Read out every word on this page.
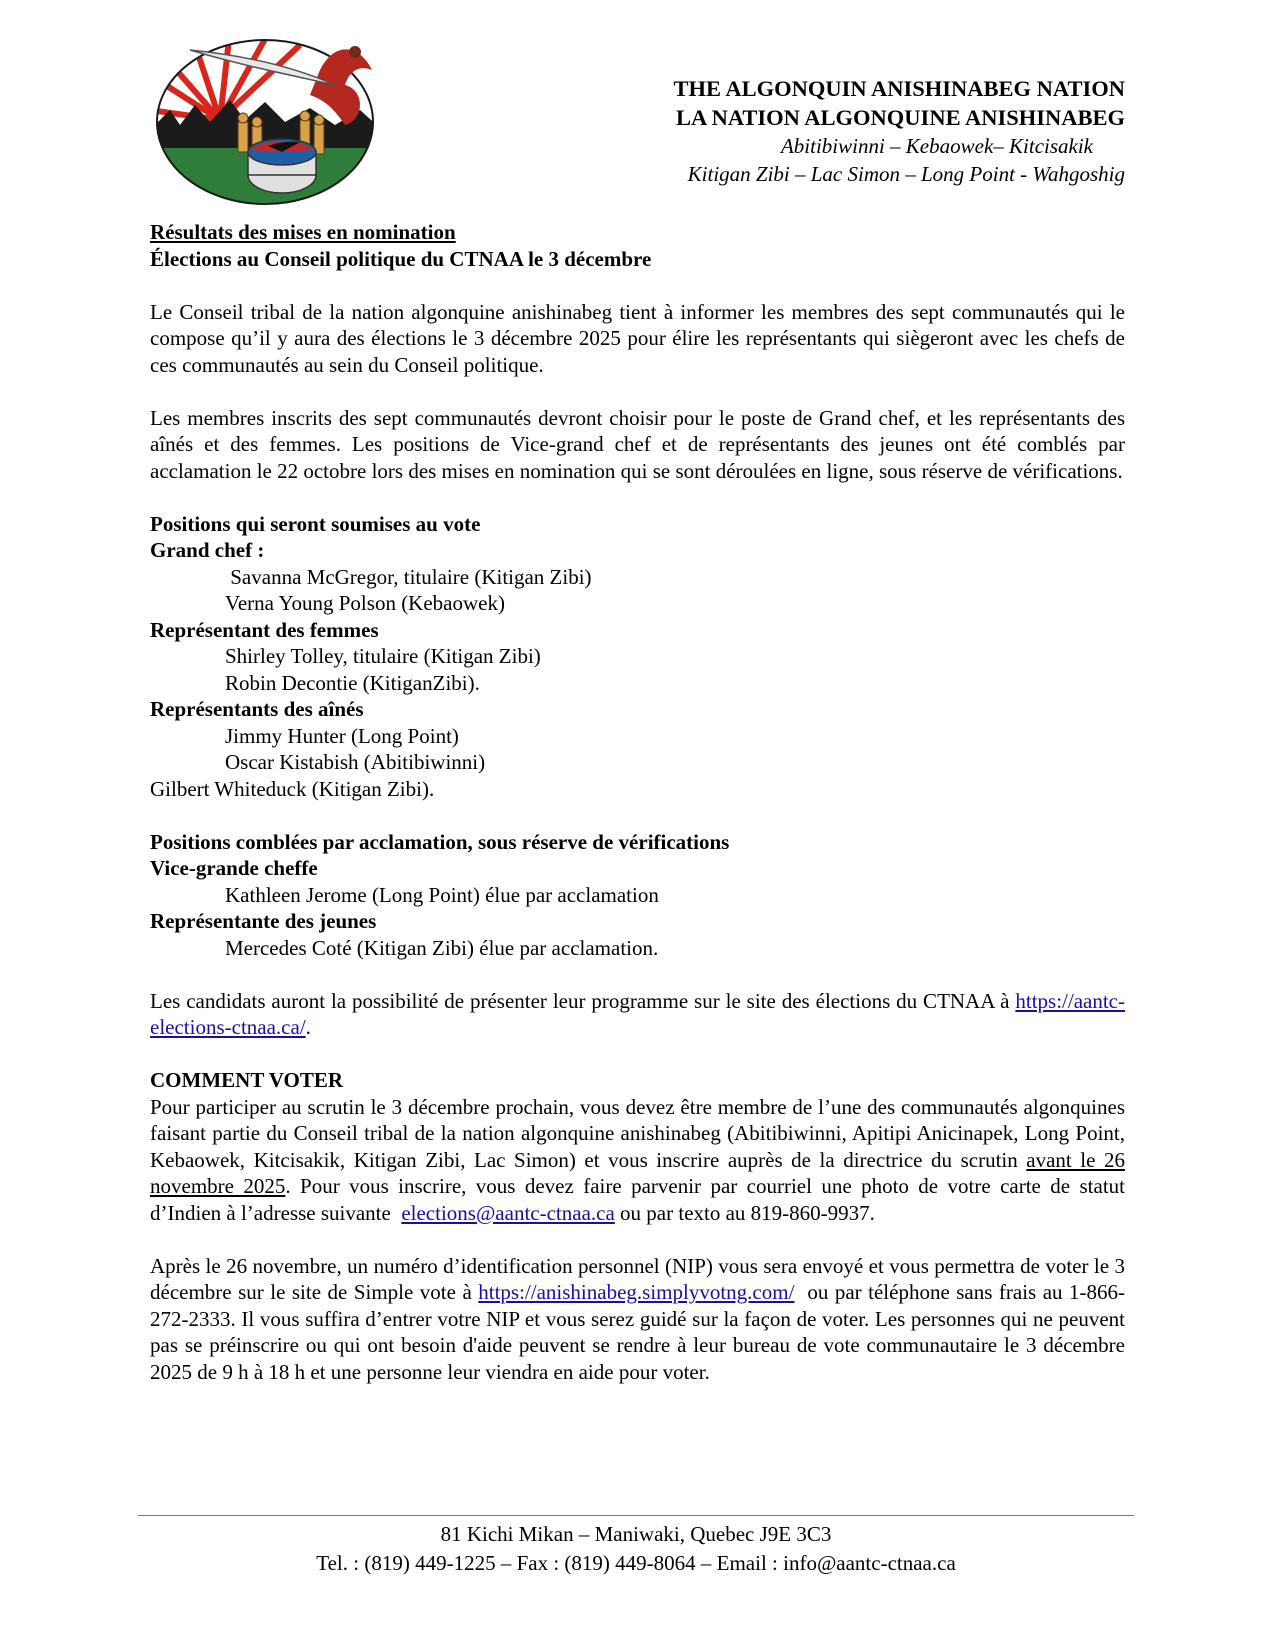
THE ALGONQUIN ANISHINABEG NATION
LA NATION ALGONQUINE ANISHINABEG
Abitibiwinni – Kebaowek– Kitcisakik
Kitigan Zibi – Lac Simon – Long Point - Wahgoshig

Résultats des mises en nomination

Élections au Conseil politique du CTNAA le 3 décembre

Le Conseil tribal de la nation algonquine anishinabeg tient à informer les membres des sept communautés qui le compose qu’il y aura des élections le 3 décembre 2025 pour élire les représentants qui siègeront avec les chefs de ces communautés au sein du Conseil politique.

Les membres inscrits des sept communautés devront choisir pour le poste de Grand chef, et les représentants des aînés et des femmes. Les positions de Vice-grand chef et de représentants des jeunes ont été comblés par acclamation le 22 octobre lors des mises en nomination qui se sont déroulées en ligne, sous réserve de vérifications.

Positions qui seront soumises au vote

Grand chef :

Savanna McGregor, titulaire (Kitigan Zibi)

Verna Young Polson (Kebaowek)

Représentant des femmes

Shirley Tolley, titulaire (Kitigan Zibi)

Robin Decontie (KitiganZibi).

Représentants des aînés

Jimmy Hunter (Long Point)

Oscar Kistabish (Abitibiwinni)

Gilbert Whiteduck (Kitigan Zibi).

Positions comblées par acclamation, sous réserve de vérifications

Vice-grande cheffe

Kathleen Jerome (Long Point) élue par acclamation

Représentante des jeunes

Mercedes Coté (Kitigan Zibi) élue par acclamation.

Les candidats auront la possibilité de présenter leur programme sur le site des élections du CTNAA à https://aantc-elections-ctnaa.ca/.

COMMENT VOTER

Pour participer au scrutin le 3 décembre prochain, vous devez être membre de l’une des communautés algonquines faisant partie du Conseil tribal de la nation algonquine anishinabeg (Abitibiwinni, Apitipi Anicinapek, Long Point, Kebaowek, Kitcisakik, Kitigan Zibi, Lac Simon) et vous inscrire auprès de la directrice du scrutin avant le 26 novembre 2025. Pour vous inscrire, vous devez faire parvenir par courriel une photo de votre carte de statut d’Indien à l’adresse suivante elections@aantc-ctnaa.ca ou par texto au 819-860-9937.

Après le 26 novembre, un numéro d’identification personnel (NIP) vous sera envoyé et vous permettra de voter le 3 décembre sur le site de Simple vote à https://anishinabeg.simplyvotng.com/ ou par téléphone sans frais au 1-866-272-2333. Il vous suffira d’entrer votre NIP et vous serez guidé sur la façon de voter. Les personnes qui ne peuvent pas se préinscrire ou qui ont besoin d'aide peuvent se rendre à leur bureau de vote communautaire le 3 décembre 2025 de 9 h à 18 h et une personne leur viendra en aide pour voter.

81 Kichi Mikan – Maniwaki, Quebec J9E 3C3
Tel. : (819) 449-1225 – Fax : (819) 449-8064 – Email : info@aantc-ctnaa.ca
